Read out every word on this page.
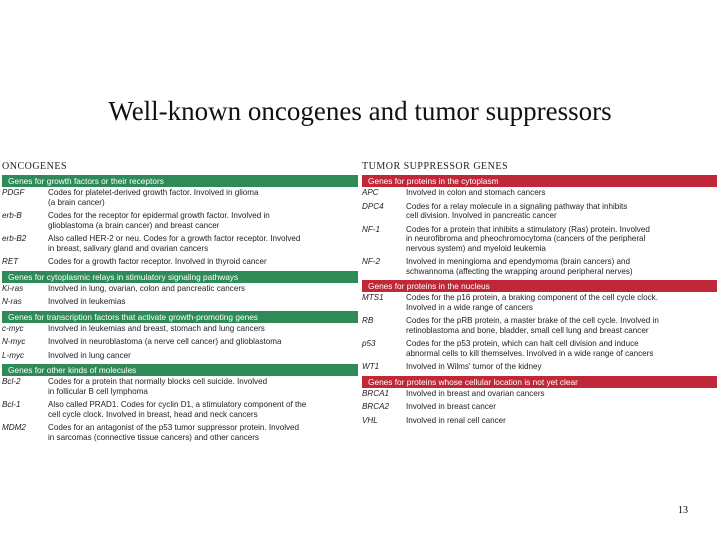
Well-known oncogenes and tumor suppressors
ONCOGENES
Genes for growth factors or their receptors
PDGF	Codes for platelet-derived growth factor. Involved in glioma
(a brain cancer)
erb-B	Codes for the receptor for epidermal growth factor. Involved in
glioblastoma (a brain cancer) and breast cancer
erb-B2	Also called HER-2 or neu. Codes for a growth factor receptor. Involved
in breast, salivary gland and ovarian cancers
RET	Codes for a growth factor receptor. Involved in thyroid cancer
Genes for cytoplasmic relays in stimulatory signaling pathways
Ki-ras	Involved in lung, ovarian, colon and pancreatic cancers
N-ras	Involved in leukemias
Genes for transcription factors that activate growth-promoting genes
c-myc	Involved in leukemias and breast, stomach and lung cancers
N-myc	Involved in neuroblastoma (a nerve cell cancer) and glioblastoma
L-myc	Involved in lung cancer
Genes for other kinds of molecules
Bcl-2	Codes for a protein that normally blocks cell suicide. Involved
in follicular B cell lymphoma
Bcl-1	Also called PRAD1. Codes for cyclin D1, a stimulatory component of the
cell cycle clock. Involved in breast, head and neck cancers
MDM2	Codes for an antagonist of the p53 tumor suppressor protein. Involved
in sarcomas (connective tissue cancers) and other cancers
TUMOR SUPPRESSOR GENES
Genes for proteins in the cytoplasm
APC	Involved in colon and stomach cancers
DPC4	Codes for a relay molecule in a signaling pathway that inhibits
cell division. Involved in pancreatic cancer
NF-1	Codes for a protein that inhibits a stimulatory (Ras) protein. Involved
in neurofibroma and pheochromocytoma (cancers of the peripheral
nervous system) and myeloid leukemia
NF-2	Involved in meningioma and ependymoma (brain cancers) and
schwannoma (affecting the wrapping around peripheral nerves)
Genes for proteins in the nucleus
MTS1	Codes for the p16 protein, a braking component of the cell cycle clock.
Involved in a wide range of cancers
RB	Codes for the pRB protein, a master brake of the cell cycle. Involved in
retinoblastoma and bone, bladder, small cell lung and breast cancer
p53	Codes for the p53 protein, which can halt cell division and induce
abnormal cells to kill themselves. Involved in a wide range of cancers
WT1	Involved in Wilms' tumor of the kidney
Genes for proteins whose cellular location is not yet clear
BRCA1	Involved in breast and ovarian cancers
BRCA2	Involved in breast cancer
VHL	Involved in renal cell cancer
13
